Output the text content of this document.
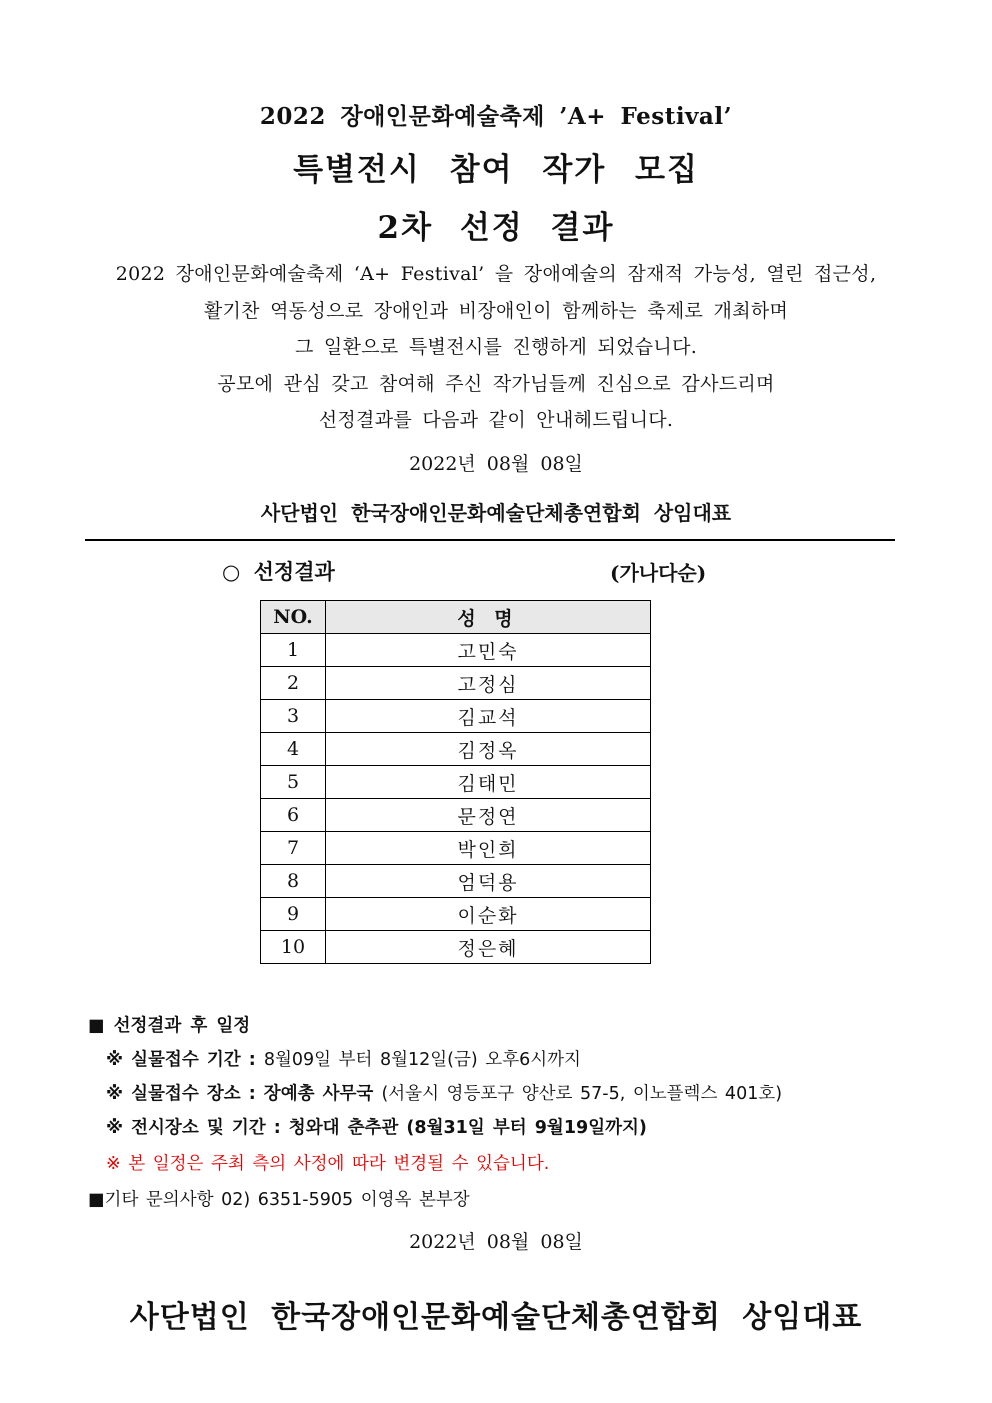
2022 장애인문화예술축제 ’A+ Festival’
특별전시 참여 작가 모집
2차 선정 결과

2022 장애인문화예술축제 ‘A+ Festival’ 을 장애예술의 잠재적 가능성, 열린 접근성,

활기찬 역동성으로 장애인과 비장애인이 함께하는 축제로 개최하며

그 일환으로 특별전시를 진행하게 되었습니다.

공모에 관심 갖고 참여해 주신 작가님들께 진심으로 감사드리며

선정결과를 다음과 같이 안내헤드립니다.

2022년 08월 08일
사단법인 한국장애인문화예술단체총연합회 상임대표
○ 선정결과	(가나다순)
NO.	성 명
1	고민숙
2	고정심
3	김교석
4	김정옥
5	김태민
6	문정연
7	박인희
8	엄덕용
9	이순화
10	정은혜
■ 선정결과 후 일정
※ 실물접수 기간 : 8월09일 부터 8월12일(금) 오후6시까지
※ 실물접수 장소 : 장예총 사무국 (서울시 영등포구 양산로 57-5, 이노플렉스 401호)
※ 전시장소 및 기간 : 청와대 춘추관 (8월31일 부터 9월19일까지)
※ 본 일정은 주최 측의 사정에 따라 변경될 수 있습니다.
■기타 문의사항 02) 6351-5905 이영옥 본부장
2022년 08월 08일
사단법인 한국장애인문화예술단체총연합회 상임대표
